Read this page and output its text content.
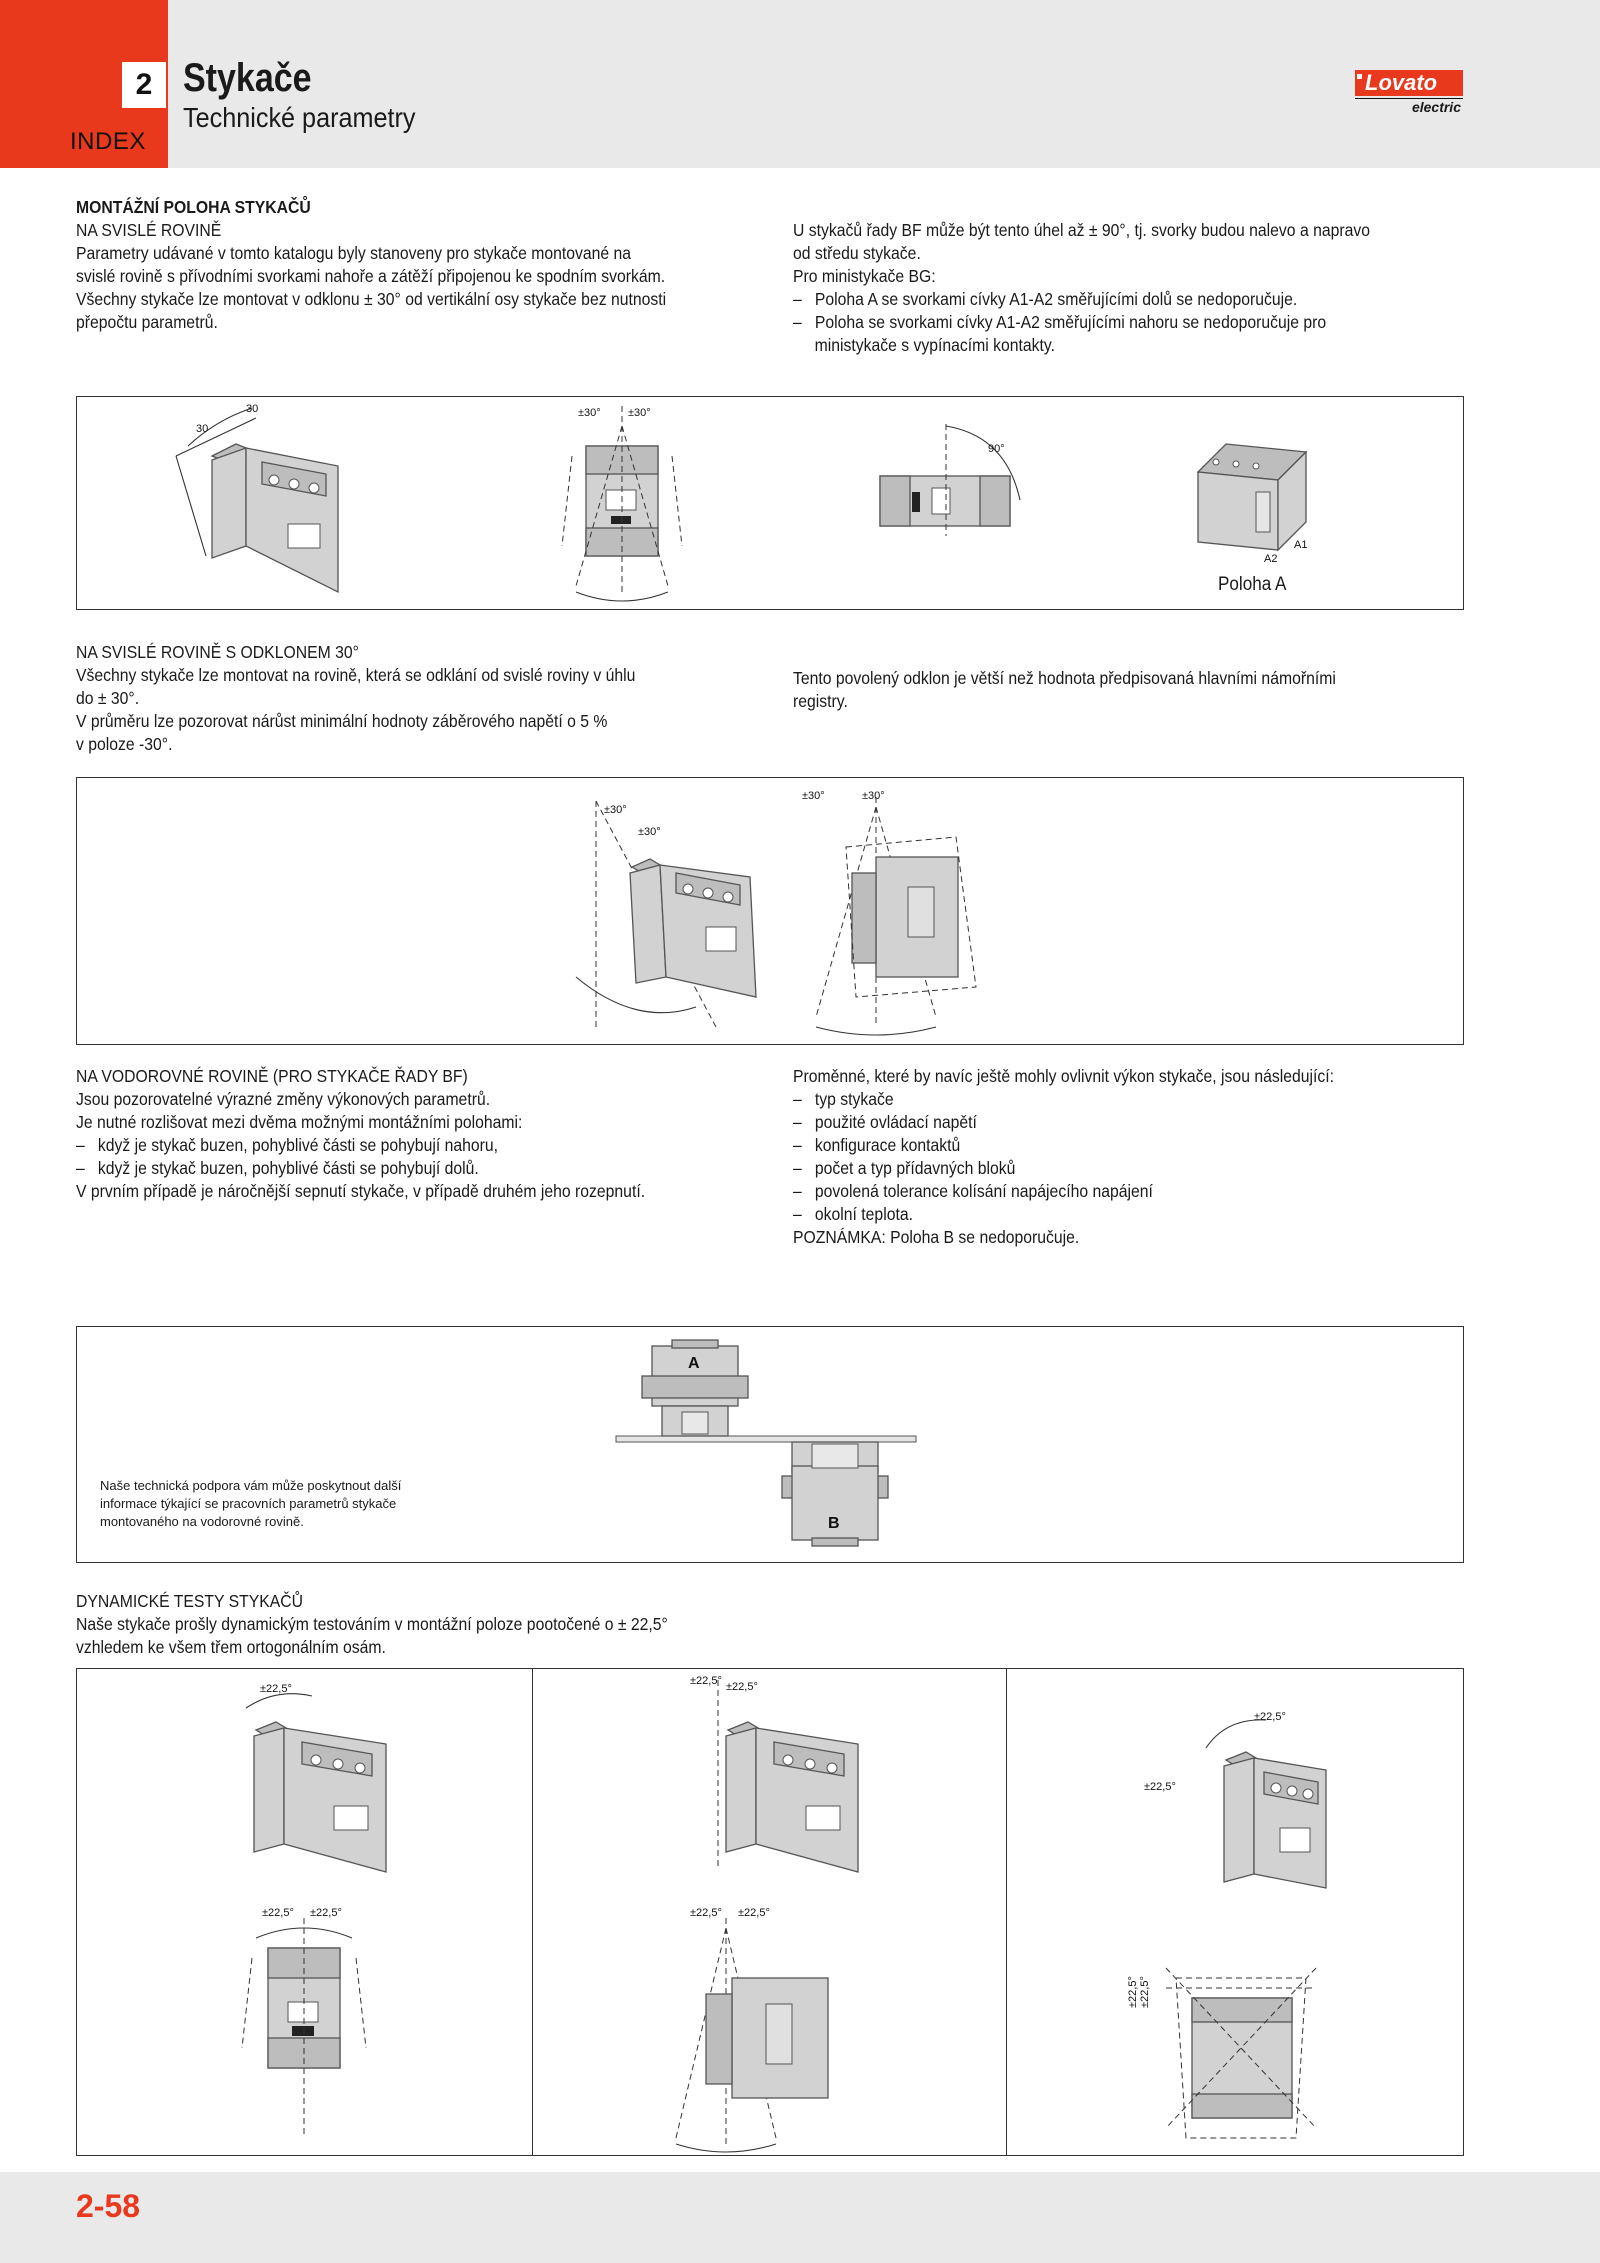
2
INDEX
Stykače
Technické parametry
Lovato
electric

MONTÁŽNÍ POLOHA STYKAČŮ

NA SVISLÉ ROVINĚ

Parametry udávané v tomto katalogu byly stanoveny pro stykače montované na

svislé rovině s přívodními svorkami nahoře a zátěží připojenou ke spodním svorkám.

Všechny stykače lze montovat v odklonu ± 30° od vertikální osy stykače bez nutnosti

přepočtu parametrů.

U stykačů řady BF může být tento úhel až ± 90°, tj. svorky budou nalevo a napravo

od středu stykače.

Pro ministykače BG:

–   Poloha A se svorkami cívky A1-A2 směřujícími dolů se nedoporučuje.

–   Poloha se svorkami cívky A1-A2 směřujícími nahoru se nedoporučuje pro ministykače s vypínacími kontakty.

30
30	±30° ±30°
90°
A1
A2
Poloha A

NA SVISLÉ ROVINĚ S ODKLONEM 30°

Všechny stykače lze montovat na rovině, která se odklání od svislé roviny v úhlu

do ± 30°.

V průměru lze pozorovat nárůst minimální hodnoty záběrového napětí o 5 %

v poloze -30°.

Tento povolený odklon je větší než hodnota předpisovaná hlavními námořními

registry.

±30°
±30°
±30°	±30°

NA VODOROVNÉ ROVINĚ (PRO STYKAČE ŘADY BF)

Jsou pozorovatelné výrazné změny výkonových parametrů.

Je nutné rozlišovat mezi dvěma možnými montážními polohami:

–   když je stykač buzen, pohyblivé části se pohybují nahoru,

–   když je stykač buzen, pohyblivé části se pohybují dolů.

V prvním případě je náročnější sepnutí stykače, v případě druhém jeho rozepnutí.

Proměnné, které by navíc ještě mohly ovlivnit výkon stykače, jsou následující:

–   typ stykače

–   použité ovládací napětí

–   konfigurace kontaktů

–   počet a typ přídavných bloků

–   povolená tolerance kolísání napájecího napájení

–   okolní teplota.

POZNÁMKA: Poloha B se nedoporučuje.

A
B
Naše technická podpora vám může poskytnout další
informace týkající se pracovních parametrů stykače
montovaného na vodorovné rovině.

DYNAMICKÉ TESTY STYKAČŮ

Naše stykače prošly dynamickým testováním v montážní poloze pootočené o ± 22,5°

vzhledem ke všem třem ortogonálním osám.

±22,5°
±22,5° ±22,5°
±22,5° ±22,5°
±22,5° ±22,5°
±22,5°
±22,5°
±22,5° ±22,5°
2-58
